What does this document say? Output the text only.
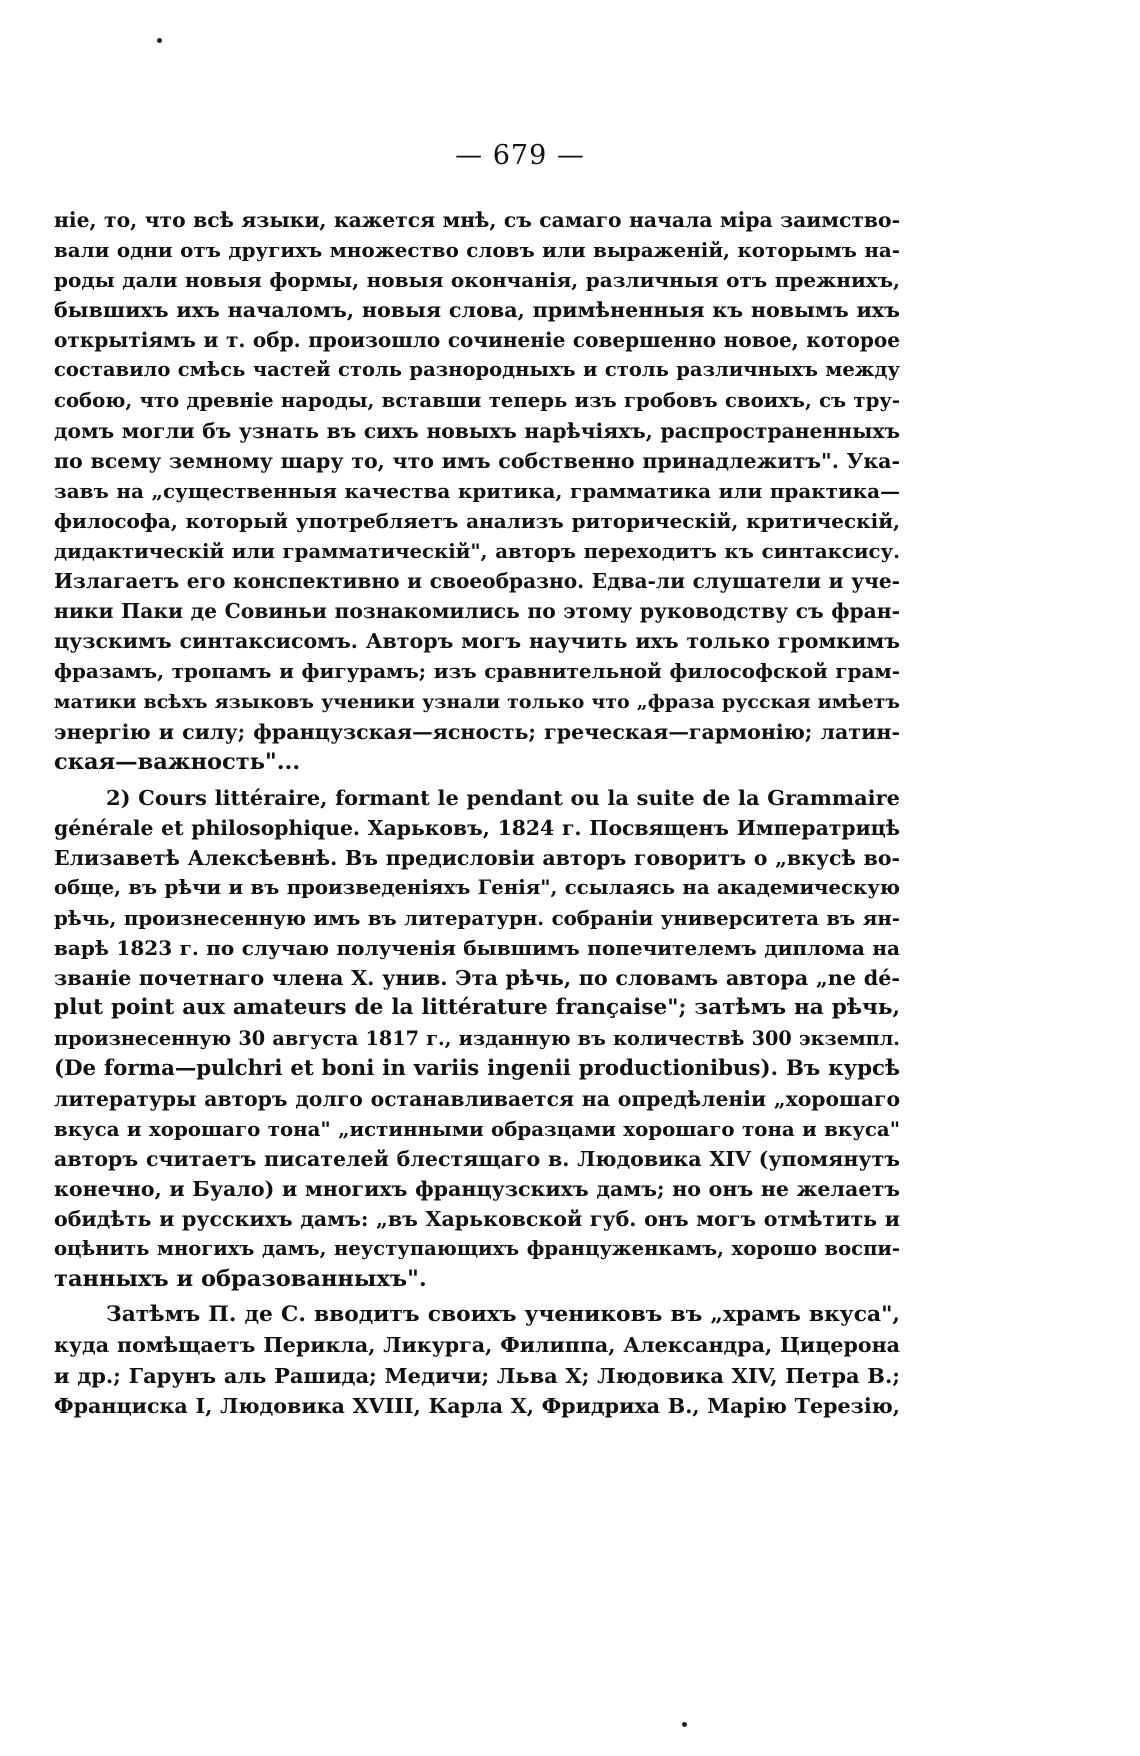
— 679 —
ніе, то, что всѣ языки, кажется мнѣ, съ самаго начала міра заимство-
вали одни отъ другихъ множество словъ или выраженій, которымъ на-
роды дали новыя формы, новыя окончанія, различныя отъ прежнихъ,
бывшихъ ихъ началомъ, новыя слова, примѣненныя къ новымъ ихъ
открытіямъ и т. обр. произошло сочиненіе совершенно новое, которое
составило смѣсь частей столь разнородныхъ и столь различныхъ между
собою, что древніе народы, вставши теперь изъ гробовъ своихъ, съ тру-
домъ могли бъ узнать въ сихъ новыхъ нарѣчіяхъ, распространенныхъ
по всему земному шару то, что имъ собственно принадлежитъ". Ука-
завъ на „существенныя качества критика, грамматика или практика—
философа, который употребляетъ анализъ риторическій, критическій,
дидактическій или грамматическій", авторъ переходитъ къ синтаксису.
Излагаетъ его конспективно и своеобразно. Едва-ли слушатели и уче-
ники Паки де Совиньи познакомились по этому руководству съ фран-
цузскимъ синтаксисомъ. Авторъ могъ научить ихъ только громкимъ
фразамъ, тропамъ и фигурамъ; изъ сравнительной философской грам-
матики всѣхъ языковъ ученики узнали только что „фраза русская имѣетъ
энергію и силу; французская—ясность; греческая—гармонію; латин-
ская—важность"...
2) Cours littéraire, formant le pendant ou la suite de la Grammaire
générale et philosophique. Харьковъ, 1824 г. Посвященъ Императрицѣ
Елизаветѣ Алексѣевнѣ. Въ предисловіи авторъ говоритъ о „вкусѣ во-
обще, въ рѣчи и въ произведеніяхъ Генія", ссылаясь на академическую
рѣчь, произнесенную имъ въ литературн. собраніи университета въ ян-
варѣ 1823 г. по случаю полученія бывшимъ попечителемъ диплома на
званіе почетнаго члена Х. унив. Эта рѣчь, по словамъ автора „ne dé-
plut point aux amateurs de la littérature française"; затѣмъ на рѣчь,
произнесенную 30 августа 1817 г., изданную въ количествѣ 300 экземпл.
(De forma—pulchri et boni in variis ingenii productionibus). Въ курсѣ
литературы авторъ долго останавливается на опредѣленіи „хорошаго
вкуса и хорошаго тона" „истинными образцами хорошаго тона и вкуса"
авторъ считаетъ писателей блестящаго в. Людовика XIV (упомянутъ
конечно, и Буало) и многихъ французскихъ дамъ; но онъ не желаетъ
обидѣть и русскихъ дамъ: „въ Харьковской губ. онъ могъ отмѣтить и
оцѣнить многихъ дамъ, неуступающихъ француженкамъ, хорошо воспи-
танныхъ и образованныхъ".
Затѣмъ П. де С. вводитъ своихъ учениковъ въ „храмъ вкуса",
куда помѣщаетъ Перикла, Ликурга, Филиппа, Александра, Цицерона
и др.; Гарунъ аль Рашида; Медичи; Льва Х; Людовика XIV, Петра В.;
Франциска I, Людовика XVIII, Карла Х, Фридриха В., Марію Терезію,
